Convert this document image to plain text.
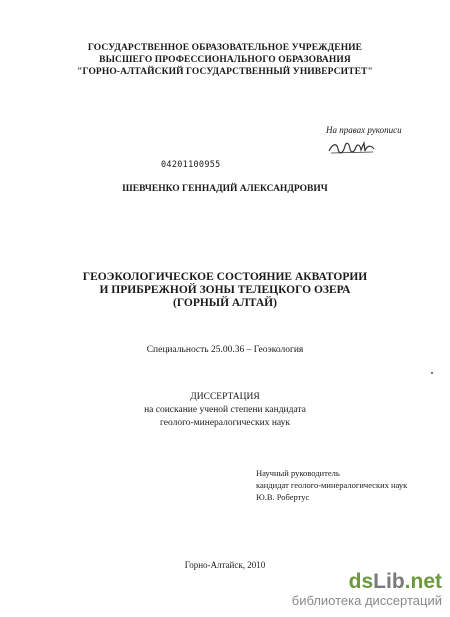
ГОСУДАРСТВЕННОЕ ОБРАЗОВАТЕЛЬНОЕ УЧРЕЖДЕНИЕ
ВЫСШЕГО ПРОФЕССИОНАЛЬНОГО ОБРАЗОВАНИЯ
"ГОРНО-АЛТАЙСКИЙ ГОСУДАРСТВЕННЫЙ УНИВЕРСИТЕТ"
На правах рукописи
04201100955
ШЕВЧЕНКО ГЕННАДИЙ АЛЕКСАНДРОВИЧ
ГЕОЭКОЛОГИЧЕСКОЕ СОСТОЯНИЕ АКВАТОРИИ
И ПРИБРЕЖНОЙ ЗОНЫ ТЕЛЕЦКОГО ОЗЕРА
(ГОРНЫЙ АЛТАЙ)
Специальность 25.00.36 – Геоэкология
ДИССЕРТАЦИЯ
на соискание ученой степени кандидата
геолого-минералогических наук
Научный руководитель
кандидат геолого-минералогических наук
Ю.В. Робертус
Горно-Алтайск, 2010
dsLib.net
библиотека диссертаций
